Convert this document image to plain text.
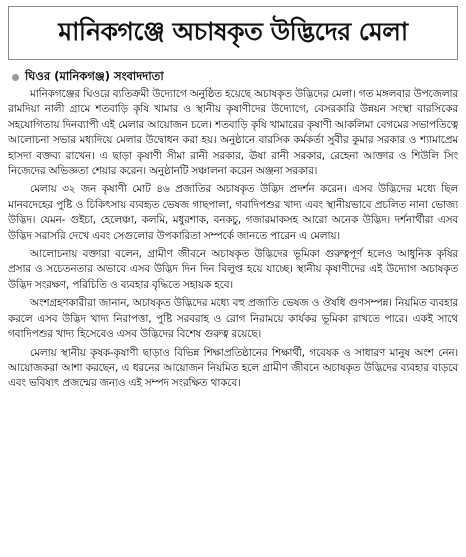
মানিকগঞ্জে অচাষকৃত উদ্ভিদের মেলা
ঘিওর (মানিকগঞ্জ) সংবাদদাতা

মানিকগঞ্জের ঘিওরে ব্যতিক্রমী উদ্যোগে অনুষ্ঠিত হয়েছে অচাষকৃত উদ্ভিদের মেলা। গত মঙ্গলবার উপজেলার রামদিয়া নালী গ্রামে শতবাড়ি কৃষি খামার ও স্থানীয় কৃষাণীদের উদ্যোগে, বেসরকারি উন্নয়ন সংস্থা বারসিকের সহযোগিতায় দিনব্যাপী এই মেলার আয়োজন চলে। শতবাড়ি কৃষি খামারের কৃষাণী আকলিমা বেগমের সভাপতিত্বে আলোচনা সভার মধ্যদিয়ে মেলার উদ্বোধন করা হয়। অনুষ্ঠানে বারসিক কর্মকর্তা সুবীর কুমার সরকার ও শ্যামাপ্রেম হাসদা বক্তব্য রাখেন। এ ছাড়া কৃষাণী সীমা রানী সরকার, ঊষা রানী সরকার, রেহেনা আক্তার ও শিউলি সিং নিজেদের অভিজ্ঞতা শেয়ার করেন। অনুষ্ঠানটি সঞ্চালনা করেন অঞ্জনা সরকার।

মেলায় ৩২ জন কৃষাণী মোট ৪৬ প্রজাতির অচাষকৃত উদ্ভিদ প্রদর্শন করেন। এসব উদ্ভিদের মধ্যে ছিল মানবদেহের পুষ্টি ও চিকিৎসায় ব্যবহৃত ভেষজ গাছপালা, গবাদিপশুর খাদ্য এবং স্থানীয়ভাবে প্রচলিত নানা ভোজ্য উদ্ভিদ। যেমন- গুইচা, হেলেঞ্চা, কলমি, মধুরশাক, বনকচু, গজারমাকসহ আরো অনেক উদ্ভিদ। দর্শনার্থীরা এসব উদ্ভিদ সরাসরি দেখে এবং সেগুলোর উপকারিতা সম্পর্কে জানতে পারেন এ মেলায়।

আলোচনায় বক্তারা বলেন, গ্রামীণ জীবনে অচাষকৃত উদ্ভিদের ভূমিকা গুরুত্বপূর্ণ হলেও আধুনিক কৃষির প্রসার ও সচেতনতার অভাবে এসব উদ্ভিদ দিন দিন বিলুপ্ত হয়ে যাচ্ছে। স্থানীয় কৃষাণীদের এই উদ্যোগ অচাষকৃত উদ্ভিদ সংরক্ষণ, পরিচিতি ও ব্যবহার বৃদ্ধিতে সহায়ক হবে।

অংশগ্রহণকারীরা জানান, অচাষকৃত উদ্ভিদের মধ্যে বহু প্রজাতি ভেষজ ও ঔষধি গুণসম্পন্ন। নিয়মিত ব্যবহার করলে এসব উদ্ভিদ খাদ্য নিরাপত্তা, পুষ্টি সরবরাহ ও রোগ নিরাময়ে কার্যকর ভূমিকা রাখতে পারে। একই সাথে গবাদিপশুর খাদ্য হিসেবেও এসব উদ্ভিদের বিশেষ গুরুত্ব রয়েছে।

মেলায় স্থানীয় কৃষক-কৃষাণী ছাড়াও বিভিন্ন শিক্ষাপ্রতিষ্ঠানের শিক্ষার্থী, গবেষক ও সাধারণ মানুষ অংশ নেন। আয়োজকরা আশা করছেন, এ ধরনের আয়োজন নিয়মিত হলে গ্রামীণ জীবনে অচাষকৃত উদ্ভিদের ব্যবহার বাড়বে এবং ভবিষ্যৎ প্রজন্মের জন্যও এই সম্পদ সংরক্ষিত থাকবে।
